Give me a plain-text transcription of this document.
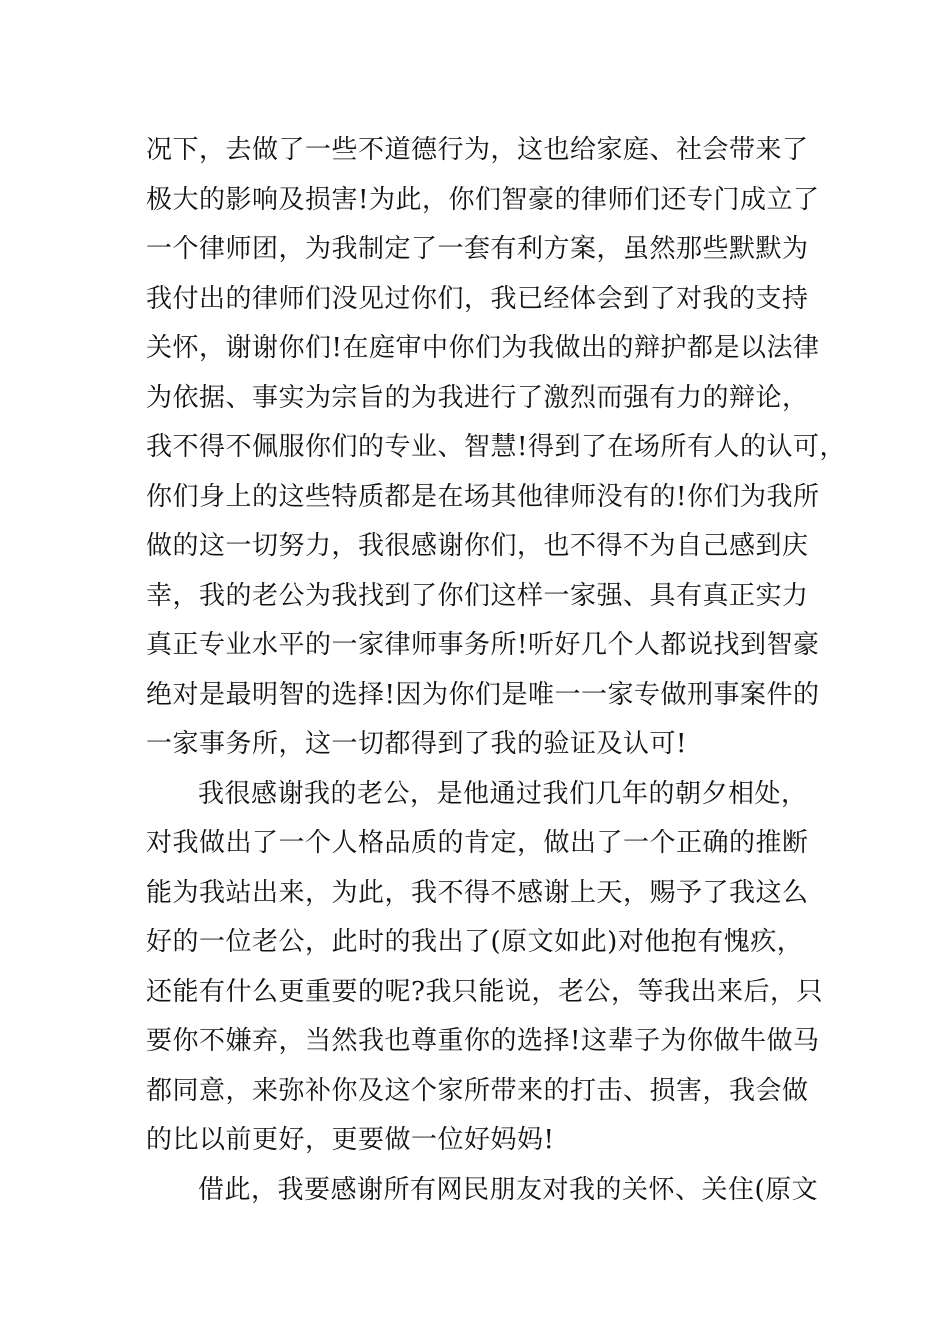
况下，去做了一些不道德行为，这也给家庭、社会带来了
极大的影响及损害!为此，你们智豪的律师们还专门成立了
一个律师团，为我制定了一套有利方案，虽然那些默默为
我付出的律师们没见过你们，我已经体会到了对我的支持
关怀，谢谢你们!在庭审中你们为我做出的辩护都是以法律
为依据、事实为宗旨的为我进行了激烈而强有力的辩论，
我不得不佩服你们的专业、智慧!得到了在场所有人的认可，
你们身上的这些特质都是在场其他律师没有的!你们为我所
做的这一切努力，我很感谢你们，也不得不为自己感到庆
幸，我的老公为我找到了你们这样一家强、具有真正实力
真正专业水平的一家律师事务所!听好几个人都说找到智豪
绝对是最明智的选择!因为你们是唯一一家专做刑事案件的
一家事务所，这一切都得到了我的验证及认可!
我很感谢我的老公，是他通过我们几年的朝夕相处，
对我做出了一个人格品质的肯定，做出了一个正确的推断
能为我站出来，为此，我不得不感谢上天，赐予了我这么
好的一位老公，此时的我出了(原文如此)对他抱有愧疚，
还能有什么更重要的呢?我只能说，老公，等我出来后，只
要你不嫌弃，当然我也尊重你的选择!这辈子为你做牛做马
都同意，来弥补你及这个家所带来的打击、损害，我会做
的比以前更好，更要做一位好妈妈!
借此，我要感谢所有网民朋友对我的关怀、关住(原文
